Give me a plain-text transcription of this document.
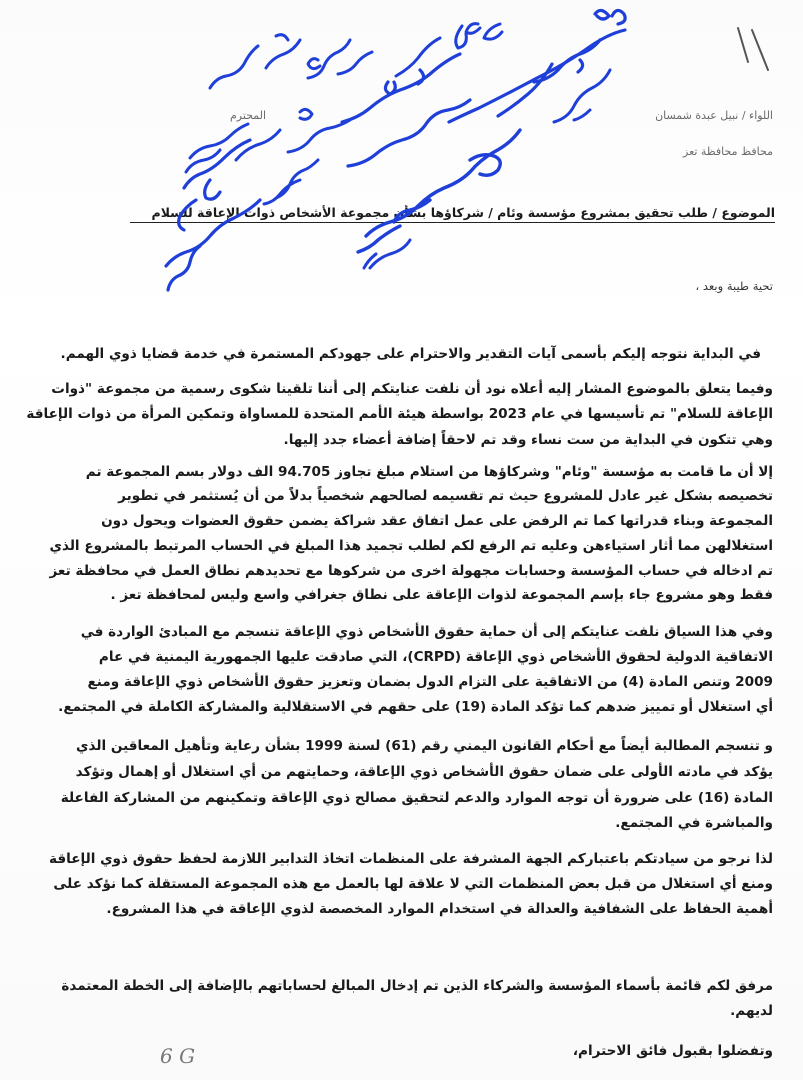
اللواء / نبيل عبدة شمسان
المحترم
محافظ محافظة تعز
الموضوع / طلب تحقيق بمشروع مؤسسة وئام / شركاؤها بشأن مجموعة الأشخاص ذوات الإعاقة للسلام
تحية طيبة وبعد ،
في البداية نتوجه إليكم بأسمى آيات التقدير والاحترام على جهودكم المستمرة في خدمة قضايا ذوي الهمم.
وفيما يتعلق بالموضوع المشار إليه أعلاه نود أن نلفت عنايتكم إلى أننا تلقينا شكوى رسمية من مجموعة "ذوات
الإعاقة للسلام" تم تأسيسها في عام 2023 بواسطة هيئة الأمم المتحدة للمساواة وتمكين المرأة من ذوات الإعاقة
وهي تتكون في البداية من ست نساء وقد تم لاحقاً إضافة أعضاء جدد إليها.
إلا أن ما قامت به مؤسسة "وئام" وشركاؤها من استلام مبلغ تجاوز 94.705 الف دولار بسم المجموعة تم
تخصيصه بشكل غير عادل للمشروع حيث تم تقسيمه لصالحهم شخصياً بدلاً من أن يُستثمر في تطوير
المجموعة وبناء قدراتها كما تم الرفض على عمل اتفاق عقد شراكة يضمن حقوق العضوات ويحول دون
استغلالهن مما أثار استياءهن وعليه تم الرفع لكم لطلب تجميد هذا المبلغ في الحساب المرتبط بالمشروع الذي
تم ادخاله في حساب المؤسسة وحسابات مجهولة اخرى من شركوها مع تحديدهم نطاق العمل في محافظة تعز
فقط وهو مشروع جاء بإسم المجموعة لذوات الإعاقة على نطاق جغرافي واسع وليس لمحافظة تعز .
وفي هذا السياق نلفت عنايتكم إلى أن حماية حقوق الأشخاص ذوي الإعاقة تنسجم مع المبادئ الواردة في
الاتفاقية الدولية لحقوق الأشخاص ذوي الإعاقة (CRPD)، التي صادقت عليها الجمهورية اليمنية في عام
2009 وتنص المادة (4) من الاتفاقية على التزام الدول بضمان وتعزيز حقوق الأشخاص ذوي الإعاقة ومنع
أي استغلال أو تمييز ضدهم كما تؤكد المادة (19) على حقهم في الاستقلالية والمشاركة الكاملة في المجتمع.
و تنسجم المطالبة أيضاً مع أحكام القانون اليمني رقم (61) لسنة 1999 بشأن رعاية وتأهيل المعاقين الذي
يؤكد في مادته الأولى على ضمان حقوق الأشخاص ذوي الإعاقة، وحمايتهم من أي استغلال أو إهمال وتؤكد
المادة (16) على ضرورة أن توجه الموارد والدعم لتحقيق مصالح ذوي الإعاقة وتمكينهم من المشاركة الفاعلة
والمباشرة في المجتمع.
لذا نرجو من سيادتكم باعتباركم الجهة المشرفة على المنظمات اتخاذ التدابير اللازمة لحفظ حقوق ذوي الإعاقة
ومنع أي استغلال من قبل بعض المنظمات التي لا علاقة لها بالعمل مع هذه المجموعة المستقلة كما نؤكد على
أهمية الحفاظ على الشفافية والعدالة في استخدام الموارد المخصصة لذوي الإعاقة في هذا المشروع.
مرفق لكم قائمة بأسماء المؤسسة والشركاء الذين تم إدخال المبالغ لحساباتهم بالإضافة إلى الخطة المعتمدة
لديهم.
وتفضلوا بقبول فائق الاحترام،
6 G
